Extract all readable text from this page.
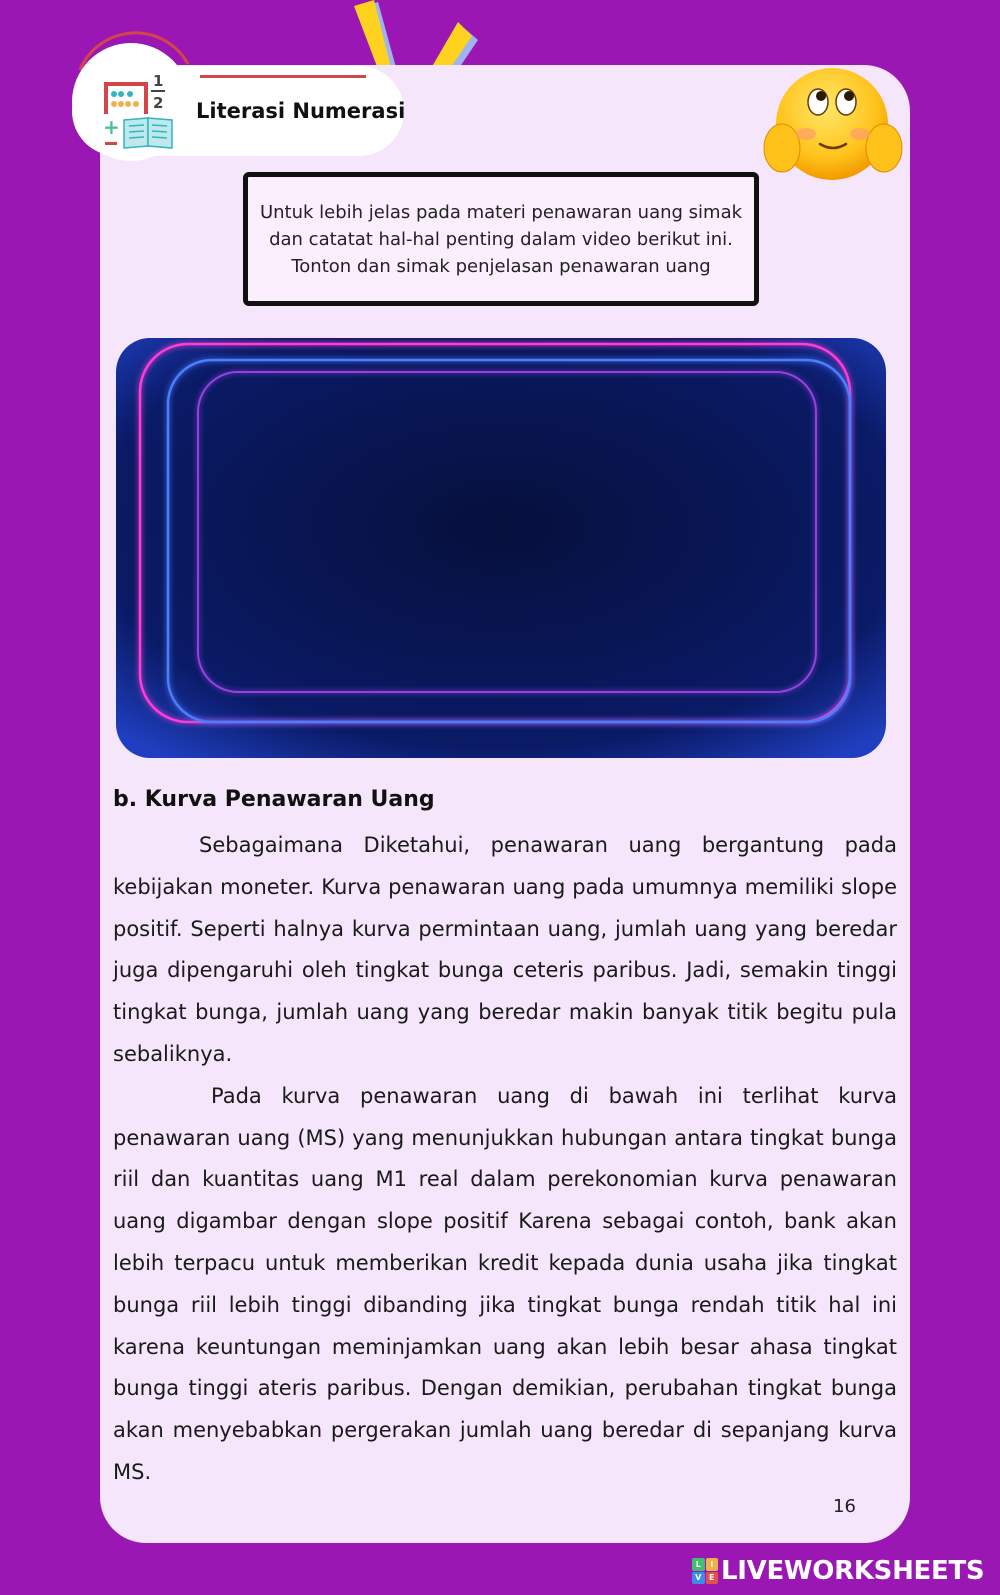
1
2
+
Literasi Numerasi
Untuk lebih jelas pada materi penawaran uang simak dan catatat hal-hal penting dalam video berikut ini. Tonton dan simak penjelasan penawaran uang
b. Kurva Penawaran Uang

Sebagaimana Diketahui, penawaran uang bergantung pada kebijakan moneter. Kurva penawaran uang pada umumnya memiliki slope positif. Seperti halnya kurva permintaan uang, jumlah uang yang beredar juga dipengaruhi oleh tingkat bunga ceteris paribus. Jadi, semakin tinggi tingkat bunga, jumlah uang yang beredar makin banyak titik begitu pula sebaliknya.

Pada kurva penawaran uang di bawah ini terlihat kurva penawaran uang (MS) yang menunjukkan hubungan antara tingkat bunga riil dan kuantitas uang M1 real dalam perekonomian kurva penawaran uang digambar dengan slope positif Karena sebagai contoh, bank akan lebih terpacu untuk memberikan kredit kepada dunia usaha jika tingkat bunga riil lebih tinggi dibanding jika tingkat bunga rendah titik hal ini karena keuntungan meminjamkan uang akan lebih besar ahasa tingkat bunga tinggi ateris paribus. Dengan demikian, perubahan tingkat bunga akan menyebabkan pergerakan jumlah uang beredar di sepanjang kurva MS.

16
L	I
V E LIVEWORKSHEETS
